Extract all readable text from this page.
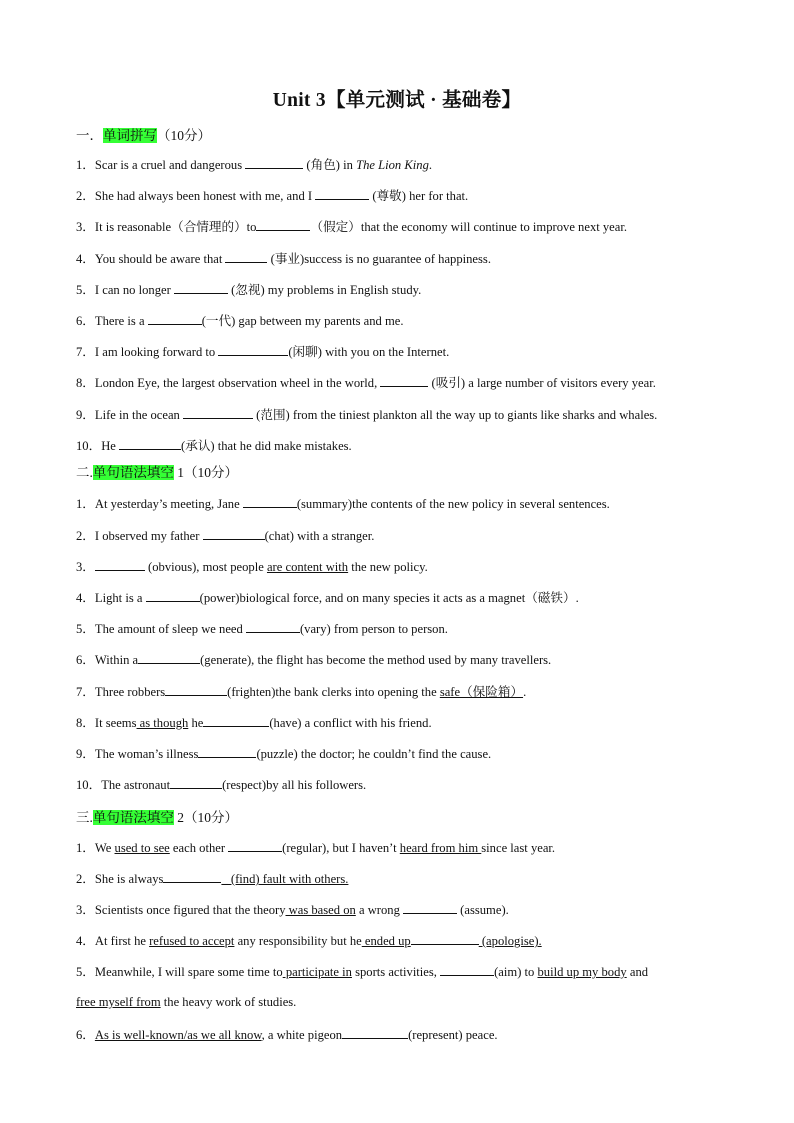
Unit 3【单元测试 · 基础卷】
一．单词拼写（10分）
1．Scar is a cruel and dangerous	(角色) in The Lion King.
2．She had always been honest with me, and I	(尊敬) her for that.
3．It is reasonable（合情理的）to	（假定）that the economy will continue to improve next year.
4．You should be aware that	(事业)success is no guarantee of happiness.
5．I can no longer	(忽视) my problems in English study.
6．There is a	(一代) gap between my parents and me.
7．I am looking forward to	(闲聊) with you on the Internet.
8．London Eye, the largest observation wheel in the world,	(吸引) a large number of visitors every year.
9．Life in the ocean	(范围) from the tiniest plankton all the way up to giants like sharks and whales.
10．He	(承认) that he did make mistakes.
二.单句语法填空 1（10分）
1．At yesterday’s meeting, Jane	(summary)the contents of the new policy in several sentences.
2．I observed my father	(chat) with a stranger.
3．	(obvious), most people are content with the new policy.
4．Light is a	(power)biological force, and on many species it acts as a magnet（磁铁）.
5．The amount of sleep we need	(vary) from person to person.
6．Within a	(generate), the flight has become the method used by many travellers.
7．Three robbers	(frighten)the bank clerks into opening the safe（保险箱）.
8．It seems as though he	(have) a conflict with his friend.
9．The woman’s illness	(puzzle) the doctor; he couldn’t find the cause.
10．The astronaut	(respect)by all his followers.
三.单句语法填空 2（10分）
1．We used to see each other	(regular), but I haven’t heard from him since last year.
2．She is always	_ (find) fault with others.
3．Scientists once figured that the theory was based on a wrong	(assume).
4．At first he refused to accept any responsibility but he ended up	(apologise).
5．Meanwhile, I will spare some time to participate in sports activities,	(aim) to build up my body and
free myself from the heavy work of studies.
6．As is well-known/as we all know, a white pigeon	(represent) peace.
